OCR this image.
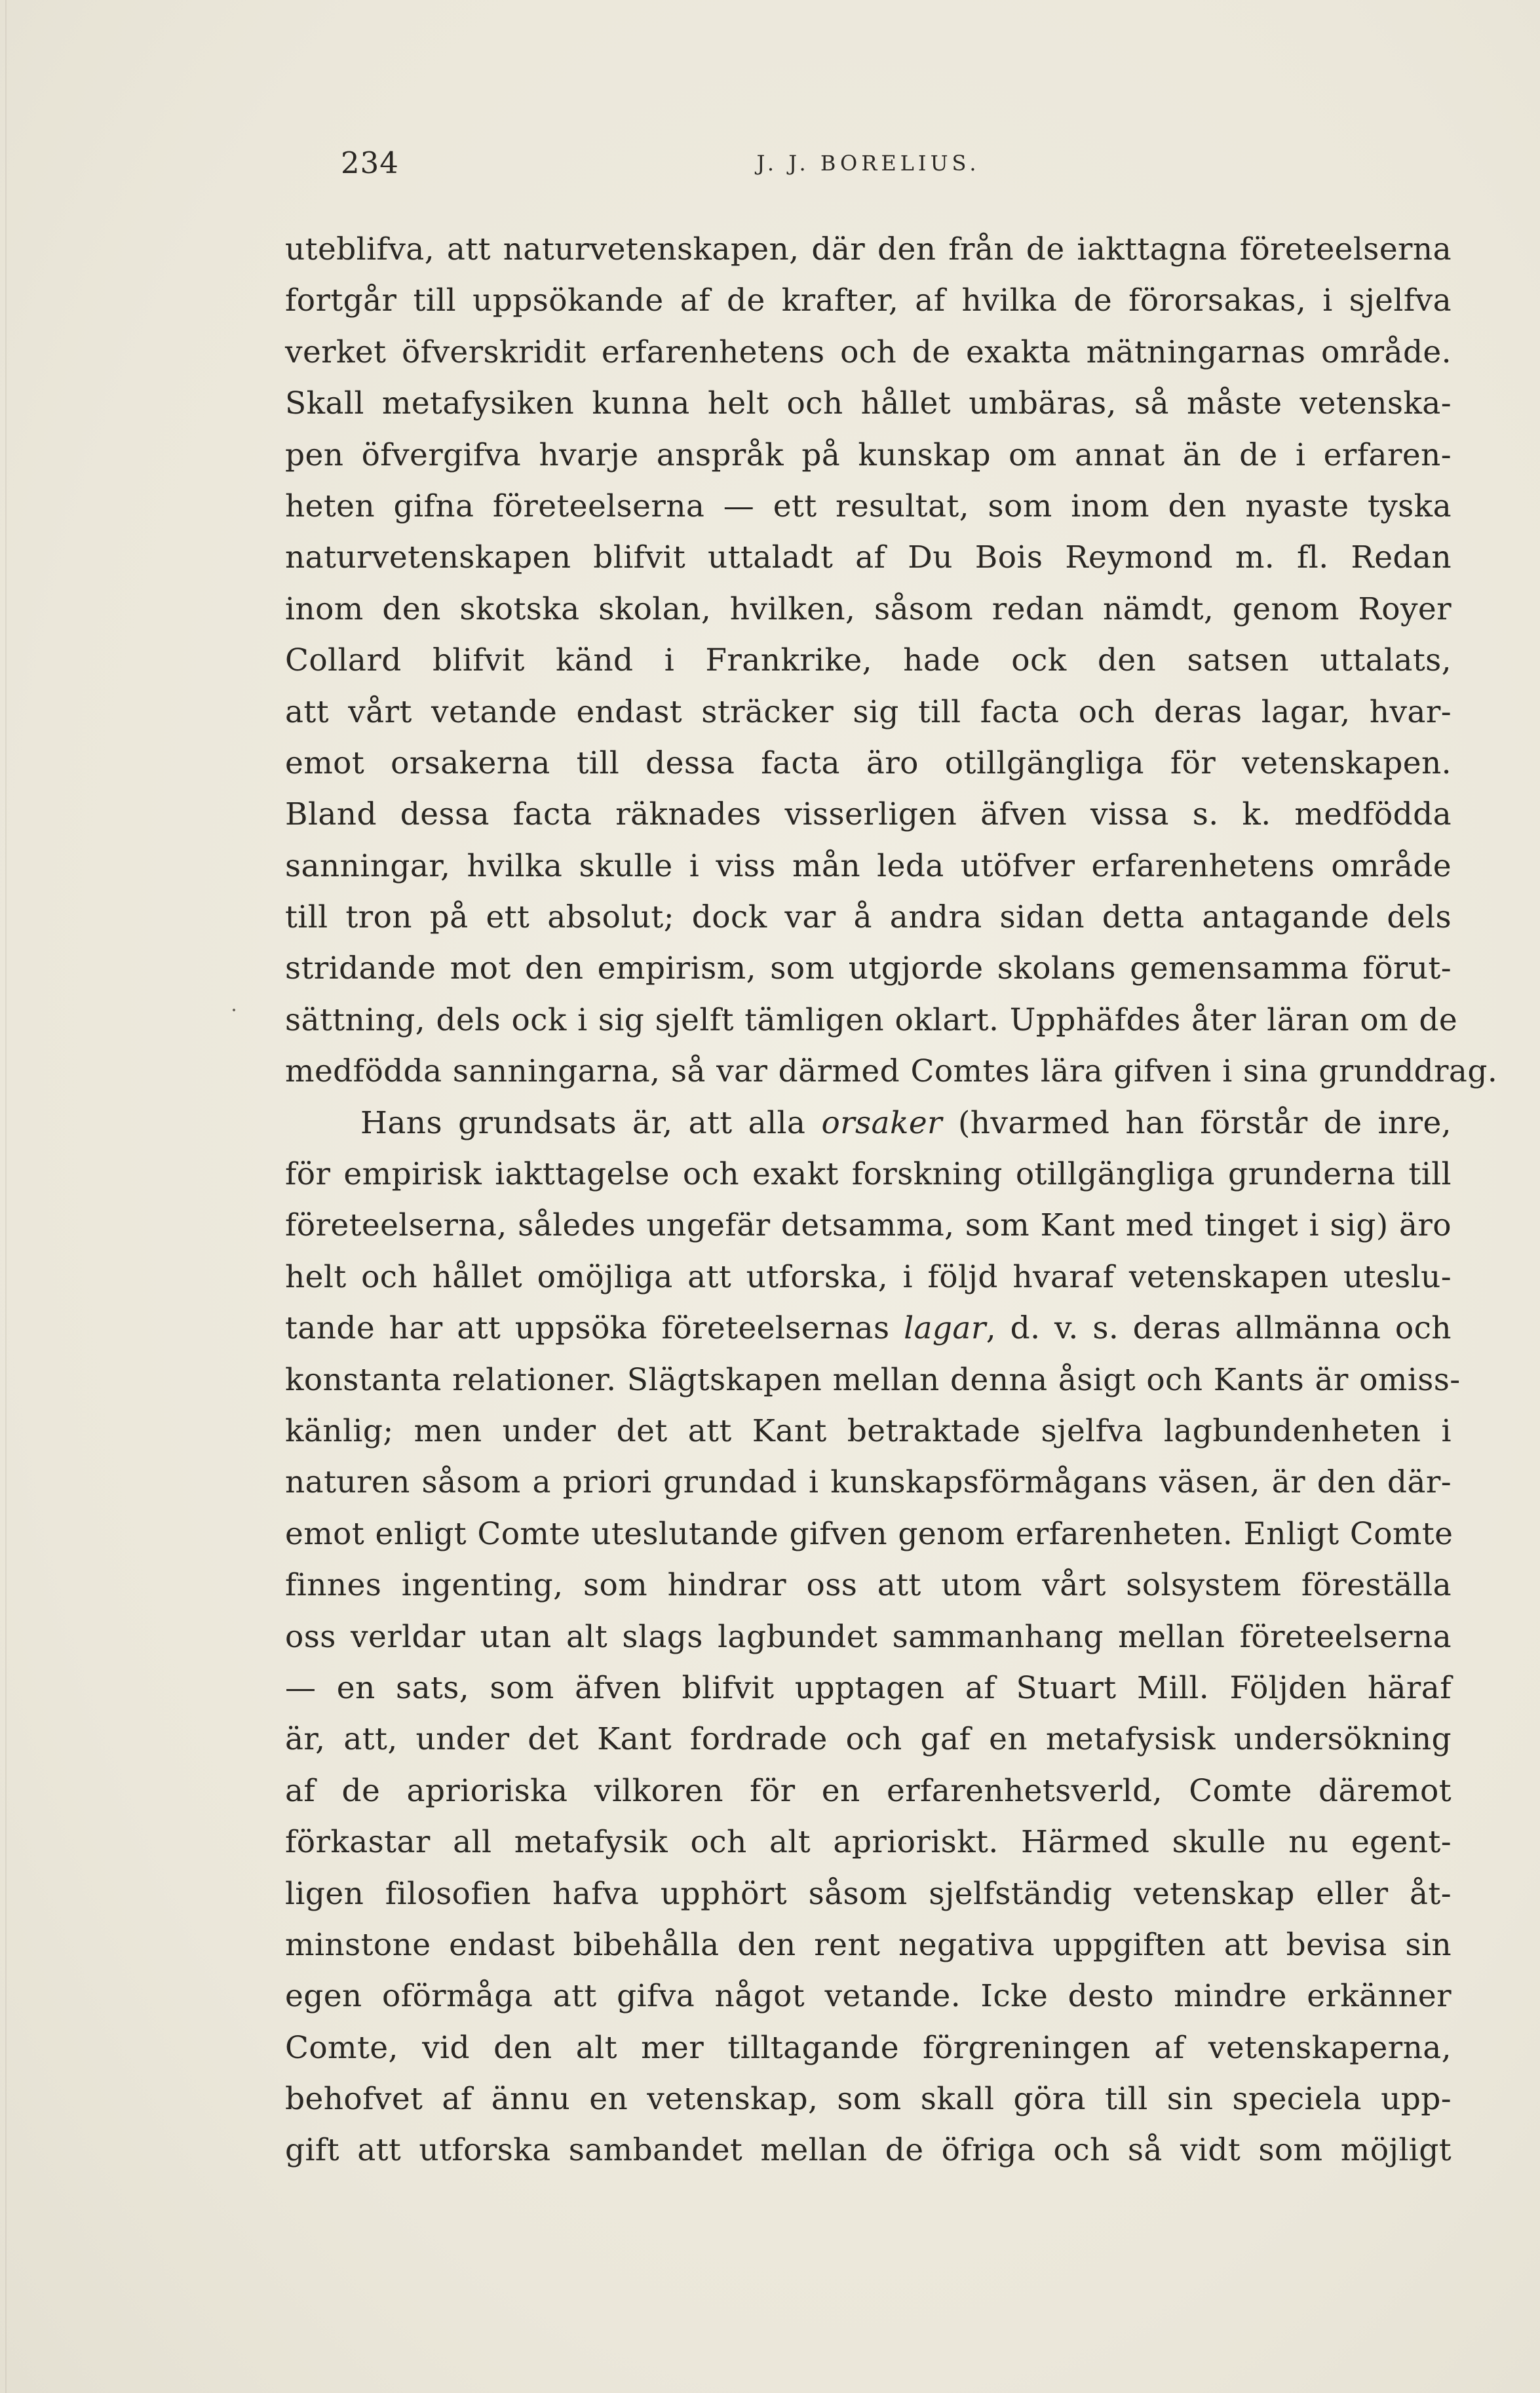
234	J. J. BORELIUS.
˙
uteblifva, att naturvetenskapen, där den från de iakttagna företeelserna
fortgår till uppsökande af de krafter, af hvilka de förorsakas, i sjelfva
verket öfverskridit erfarenhetens och de exakta mätningarnas område.
Skall metafysiken kunna helt och hållet umbäras, så måste vetenska-
pen öfvergifva hvarje anspråk på kunskap om annat än de i erfaren-
heten gifna företeelserna — ett resultat, som inom den nyaste tyska
naturvetenskapen blifvit uttaladt af Du Bois Reymond m. fl. Redan
inom den skotska skolan, hvilken, såsom redan nämdt, genom Royer
Collard blifvit känd i Frankrike, hade ock den satsen uttalats,
att vårt vetande endast sträcker sig till facta och deras lagar, hvar-
emot orsakerna till dessa facta äro otillgängliga för vetenskapen.
Bland dessa facta räknades visserligen äfven vissa s. k. medfödda
sanningar, hvilka skulle i viss mån leda utöfver erfarenhetens område
till tron på ett absolut; dock var å andra sidan detta antagande dels
stridande mot den empirism, som utgjorde skolans gemensamma förut-
sättning, dels ock i sig sjelft tämligen oklart. Upphäfdes åter läran om de
medfödda sanningarna, så var därmed Comtes lära gifven i sina grunddrag.
Hans grundsats är, att alla orsaker (hvarmed han förstår de inre,
för empirisk iakttagelse och exakt forskning otillgängliga grunderna till
företeelserna, således ungefär detsamma, som Kant med tinget i sig) äro
helt och hållet omöjliga att utforska, i följd hvaraf vetenskapen uteslu-
tande har att uppsöka företeelsernas lagar, d. v. s. deras allmänna och
konstanta relationer. Slägtskapen mellan denna åsigt och Kants är omiss-
känlig; men under det att Kant betraktade sjelfva lagbundenheten i
naturen såsom a priori grundad i kunskapsförmågans väsen, är den där-
emot enligt Comte uteslutande gifven genom erfarenheten. Enligt Comte
finnes ingenting, som hindrar oss att utom vårt solsystem föreställa
oss verldar utan alt slags lagbundet sammanhang mellan företeelserna
— en sats, som äfven blifvit upptagen af Stuart Mill. Följden häraf
är, att, under det Kant fordrade och gaf en metafysisk undersökning
af de aprioriska vilkoren för en erfarenhetsverld, Comte däremot
förkastar all metafysik och alt aprioriskt. Härmed skulle nu egent-
ligen filosofien hafva upphört såsom sjelfständig vetenskap eller åt-
minstone endast bibehålla den rent negativa uppgiften att bevisa sin
egen oförmåga att gifva något vetande. Icke desto mindre erkänner
Comte, vid den alt mer tilltagande förgreningen af vetenskaperna,
behofvet af ännu en vetenskap, som skall göra till sin speciela upp-
gift att utforska sambandet mellan de öfriga och så vidt som möjligt
